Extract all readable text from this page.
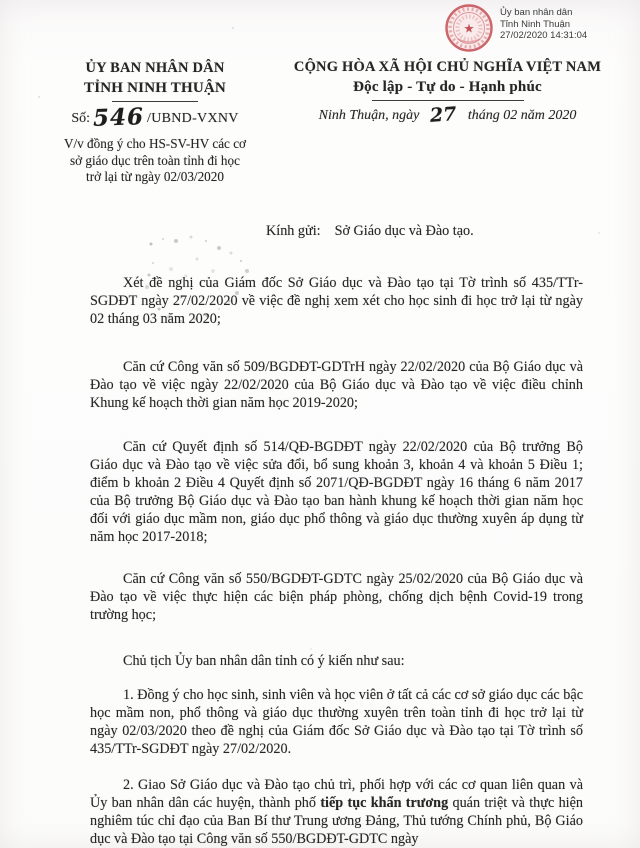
★
Ủy ban nhân dân
Tỉnh Ninh Thuận
27/02/2020 14:31:04
ỦY BAN NHÂN DÂN
TỈNH NINH THUẬN
Số: 546 /UBND-VXNV
V/v đồng ý cho HS-SV-HV các cơ sở giáo dục trên toàn tỉnh đi học trở lại từ ngày 02/03/2020
CỘNG HÒA XÃ HỘI CHỦ NGHĨA VIỆT NAM
Độc lập - Tự do - Hạnh phúc
Ninh Thuận, ngày 27 tháng 02 năm 2020
Kính gửi: Sở Giáo dục và Đào tạo.

Xét đề nghị của Giám đốc Sở Giáo dục và Đào tạo tại Tờ trình số 435/TTr-SGDĐT ngày 27/02/2020 về việc đề nghị xem xét cho học sinh đi học trở lại từ ngày 02 tháng 03 năm 2020;

Căn cứ Công văn số 509/BGDĐT-GDTrH ngày 22/02/2020 của Bộ Giáo dục và Đào tạo về việc ngày 22/02/2020 của Bộ Giáo dục và Đào tạo về việc điều chỉnh Khung kế hoạch thời gian năm học 2019-2020;

Căn cứ Quyết định số 514/QĐ-BGDĐT ngày 22/02/2020 của Bộ trưởng Bộ Giáo dục và Đào tạo về việc sửa đổi, bổ sung khoản 3, khoản 4 và khoản 5 Điều 1; điểm b khoản 2 Điều 4 Quyết định số 2071/QĐ-BGDĐT ngày 16 tháng 6 năm 2017 của Bộ trưởng Bộ Giáo dục và Đào tạo ban hành khung kế hoạch thời gian năm học đối với giáo dục mầm non, giáo dục phổ thông và giáo dục thường xuyên áp dụng từ năm học 2017-2018;

Căn cứ Công văn số 550/BGDĐT-GDTC ngày 25/02/2020 của Bộ Giáo dục và Đào tạo về việc thực hiện các biện pháp phòng, chống dịch bệnh Covid-19 trong trường học;

Chủ tịch Ủy ban nhân dân tỉnh có ý kiến như sau:

1. Đồng ý cho học sinh, sinh viên và học viên ở tất cả các cơ sở giáo dục các bậc học mầm non, phổ thông và giáo dục thường xuyên trên toàn tỉnh đi học trở lại từ ngày 02/03/2020 theo đề nghị của Giám đốc Sở Giáo dục và Đào tạo tại Tờ trình số 435/TTr-SGDĐT ngày 27/02/2020.

2. Giao Sở Giáo dục và Đào tạo chủ trì, phối hợp với các cơ quan liên quan và Ủy ban nhân dân các huyện, thành phố tiếp tục khẩn trương quán triệt và thực hiện nghiêm túc chỉ đạo của Ban Bí thư Trung ương Đảng, Thủ tướng Chính phủ, Bộ Giáo dục và Đào tạo tại Công văn số 550/BGDĐT-GDTC ngày
